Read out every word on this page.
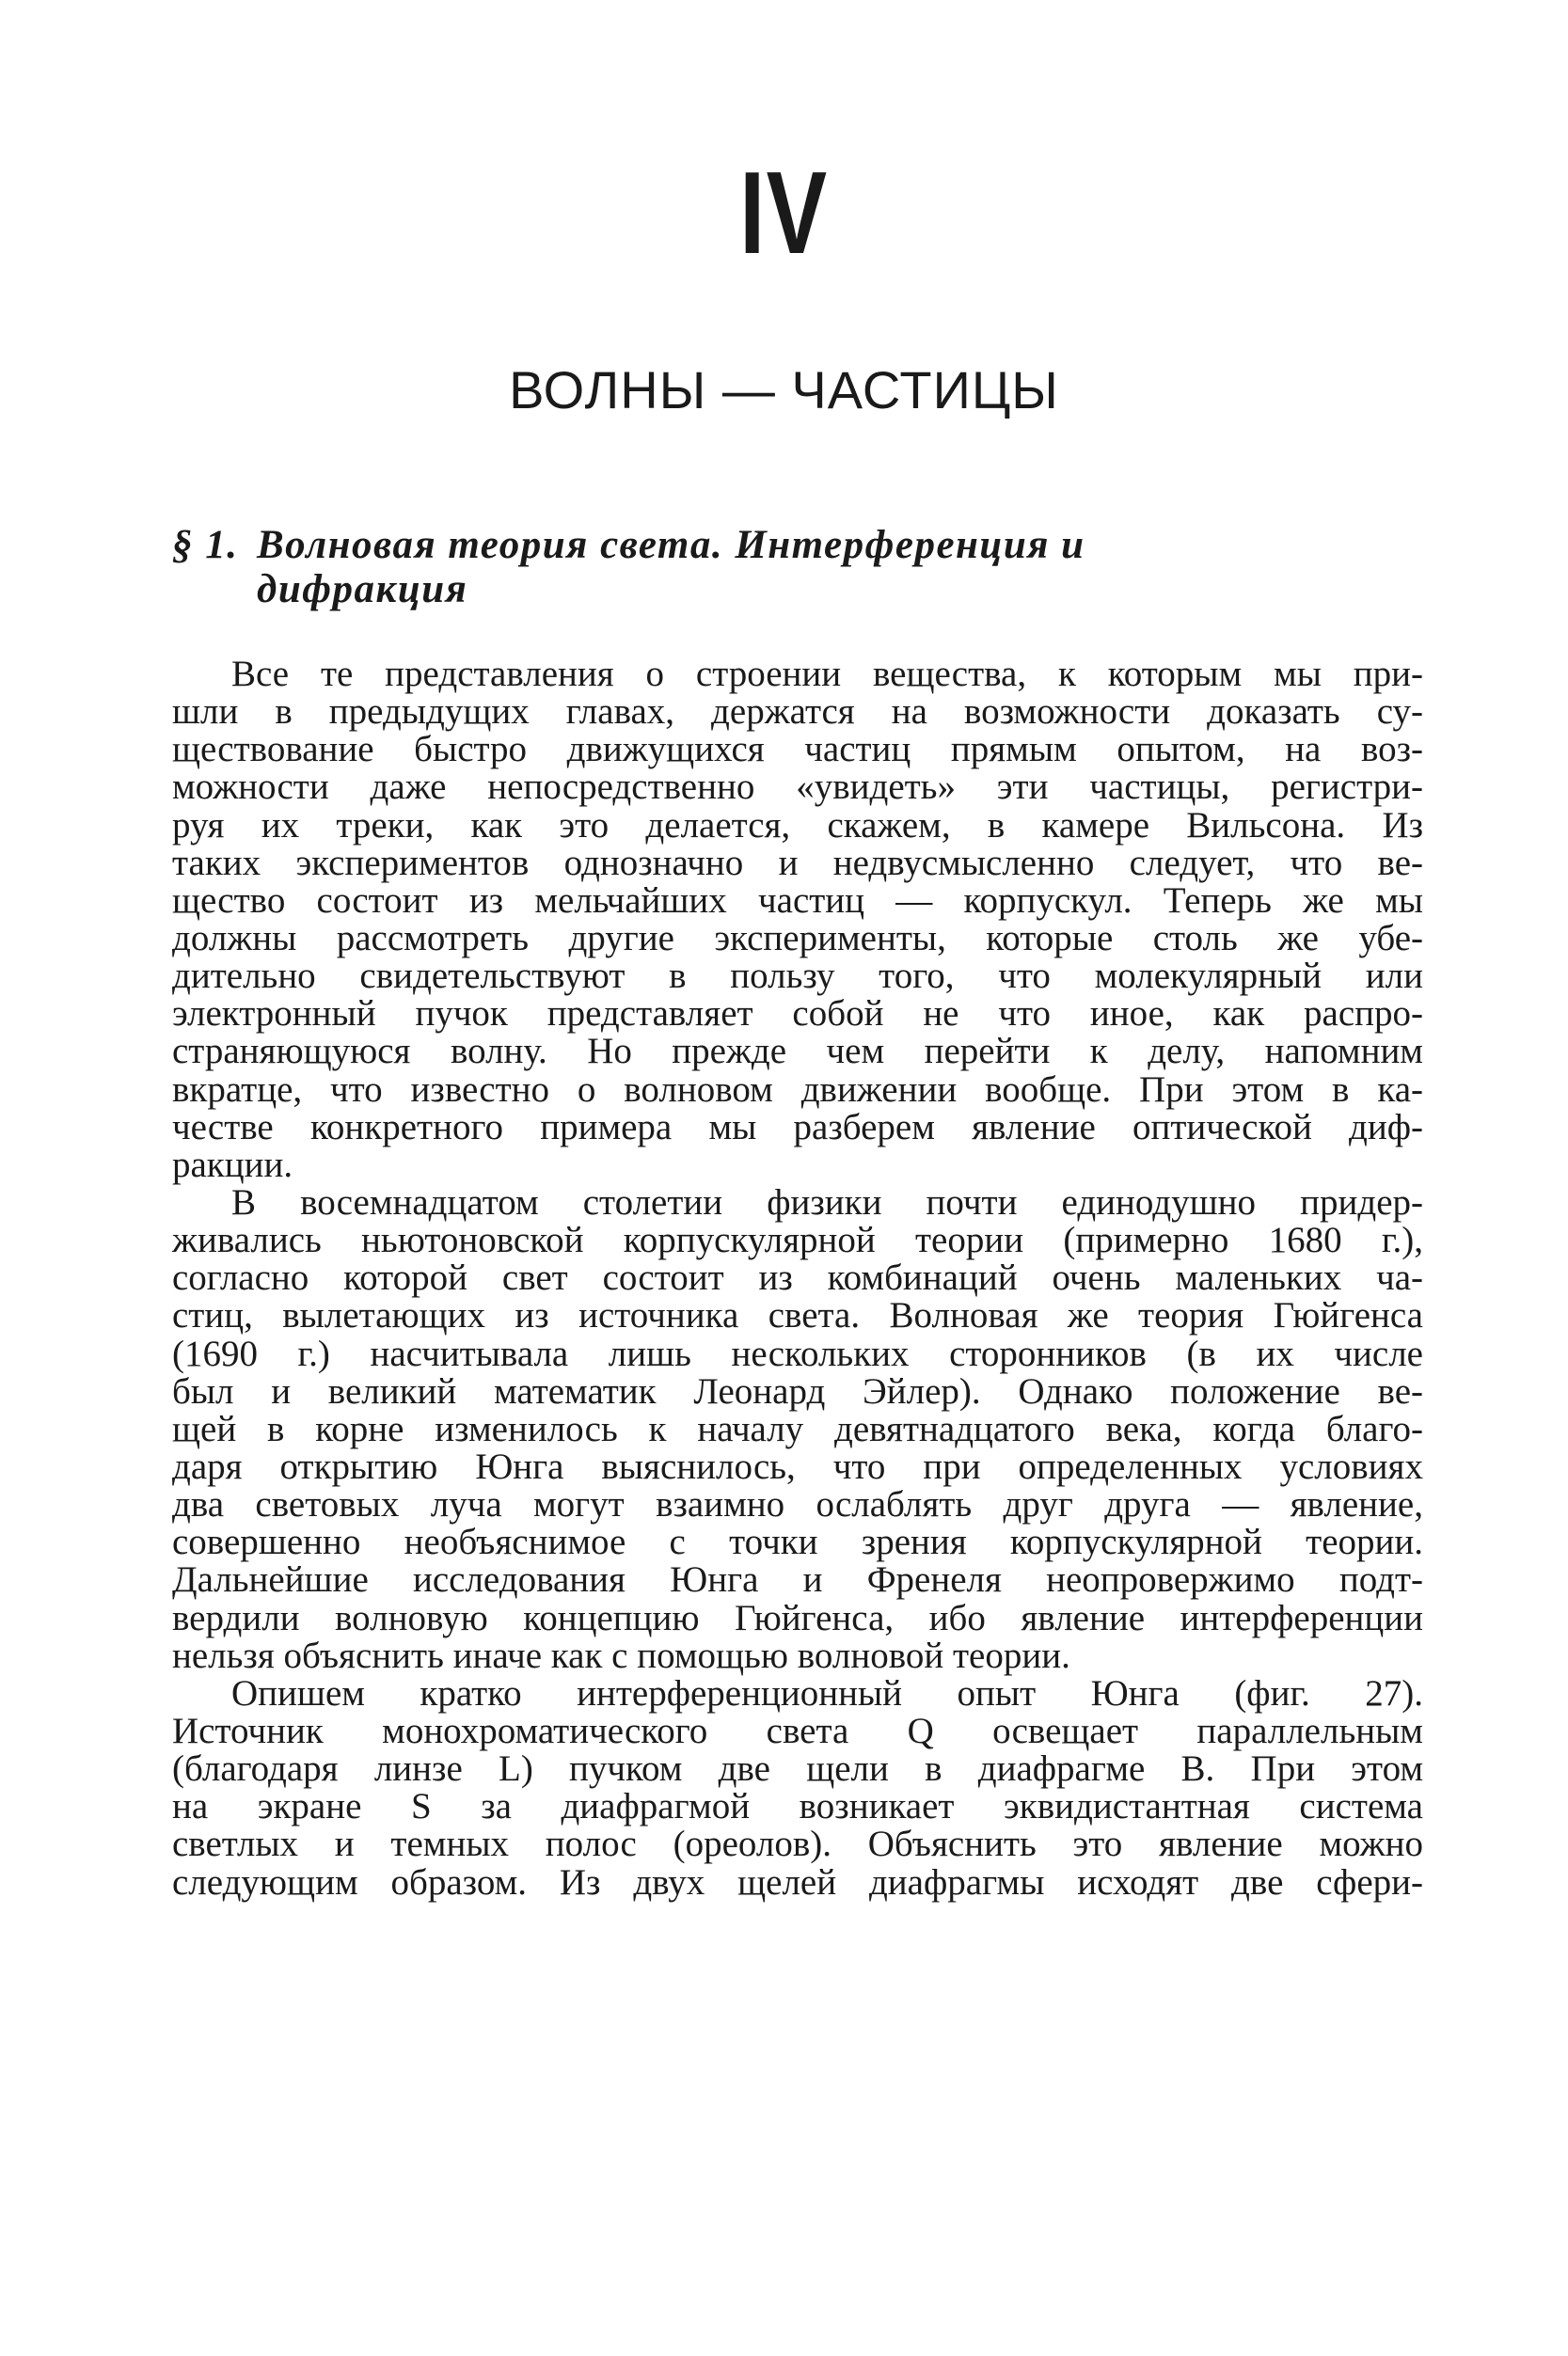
IV
ВОЛНЫ — ЧАСТИЦЫ
§ 1. Волновая теория света. Интерференция и
дифракция
Все те представления о строении вещества, к которым мы при-
шли в предыдущих главах, держатся на возможности доказать су-
ществование быстро движущихся частиц прямым опытом, на воз-
можности даже непосредственно «увидеть» эти частицы, регистри-
руя их треки, как это делается, скажем, в камере Вильсона. Из
таких экспериментов однозначно и недвусмысленно следует, что ве-
щество состоит из мельчайших частиц — корпускул. Теперь же мы
должны рассмотреть другие эксперименты, которые столь же убе-
дительно свидетельствуют в пользу того, что молекулярный или
электронный пучок представляет собой не что иное, как распро-
страняющуюся волну. Но прежде чем перейти к делу, напомним
вкратце, что известно о волновом движении вообще. При этом в ка-
честве конкретного примера мы разберем явление оптической диф-
ракции.
В восемнадцатом столетии физики почти единодушно придер-
живались ньютоновской корпускулярной теории (примерно 1680 г.),
согласно которой свет состоит из комбинаций очень маленьких ча-
стиц, вылетающих из источника света. Волновая же теория Гюйгенса
(1690 г.) насчитывала лишь нескольких сторонников (в их числе
был и великий математик Леонард Эйлер). Однако положение ве-
щей в корне изменилось к началу девятнадцатого века, когда благо-
даря открытию Юнга выяснилось, что при определенных условиях
два световых луча могут взаимно ослаблять друг друга — явление,
совершенно необъяснимое с точки зрения корпускулярной теории.
Дальнейшие исследования Юнга и Френеля неопровержимо подт-
вердили волновую концепцию Гюйгенса, ибо явление интерференции
нельзя объяснить иначе как с помощью волновой теории.
Опишем кратко интерференционный опыт Юнга (фиг. 27).
Источник монохроматического света Q освещает параллельным
(благодаря линзе L) пучком две щели в диафрагме B. При этом
на экране S за диафрагмой возникает эквидистантная система
светлых и темных полос (ореолов). Объяснить это явление можно
следующим образом. Из двух щелей диафрагмы исходят две сфери-
